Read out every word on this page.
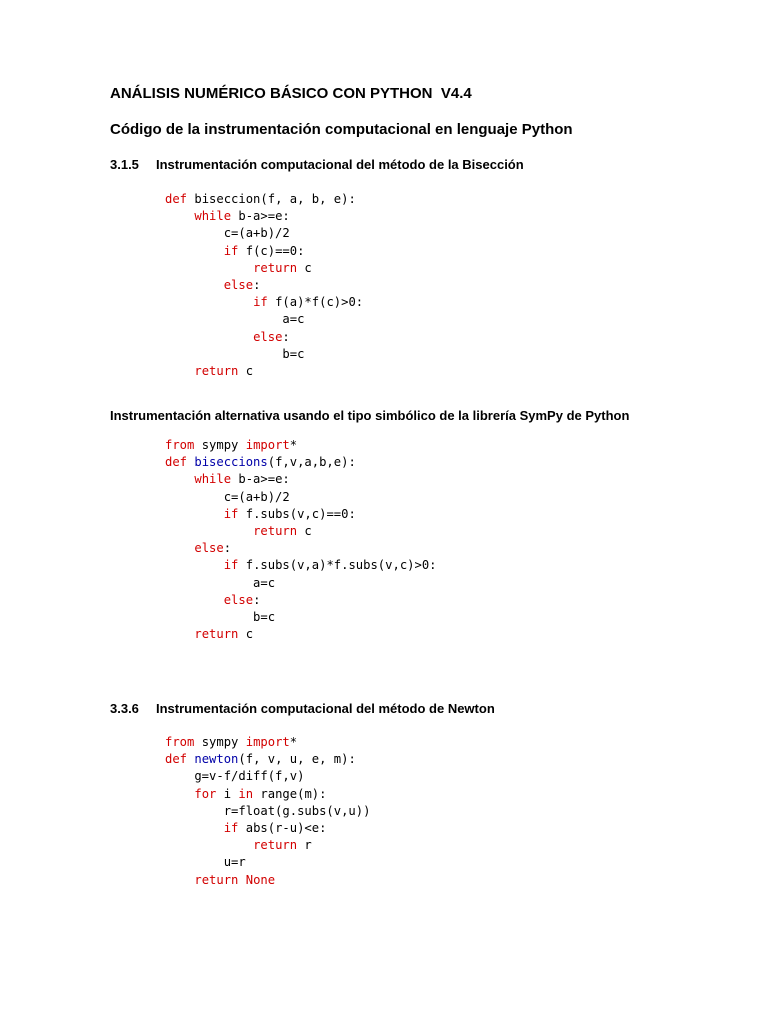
ANÁLISIS NUMÉRICO BÁSICO CON PYTHON  V4.4
Código de la instrumentación computacional en lenguaje Python
3.1.5 Instrumentación computacional del método de la Bisección
def biseccion(f, a, b, e):
while b-a>=e:
c=(a+b)/2
if f(c)==0:
return c
else:
if f(a)*f(c)>0:
a=c
else:
b=c
return c
Instrumentación alternativa usando el tipo simbólico de la librería SymPy de Python
from sympy import*
def biseccions(f,v,a,b,e):
while b-a>=e:
c=(a+b)/2
if f.subs(v,c)==0:
return c
else:
if f.subs(v,a)*f.subs(v,c)>0:
a=c
else:
b=c
return c
3.3.6 Instrumentación computacional del método de Newton
from sympy import*
def newton(f, v, u, e, m):
g=v-f/diff(f,v)
for i in range(m):
r=float(g.subs(v,u))
if abs(r-u)<e:
return r
u=r
return None
